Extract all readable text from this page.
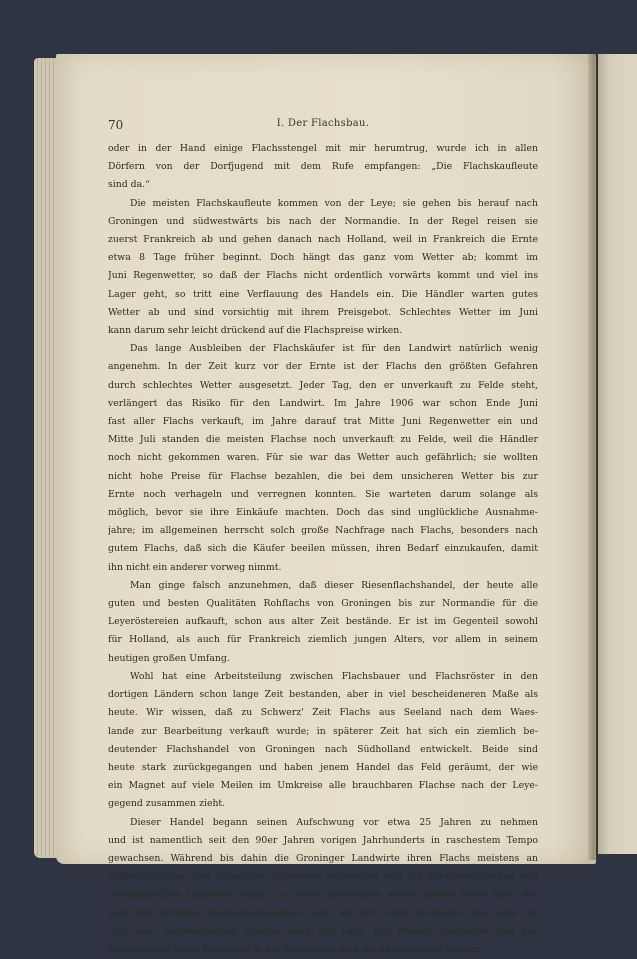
70	I. Der Flachsbau.

oder in der Hand einige Flachsstengel mit mir herumtrug, wurde ich in allen
Dörfern von der Dorfjugend mit dem Rufe empfangen: „Die Flachskaufleute
sind da.“

Die meisten Flachskaufleute kommen von der Leye; sie gehen bis herauf nach
Groningen und südwestwärts bis nach der Normandie. In der Regel reisen sie
zuerst Frankreich ab und gehen danach nach Holland, weil in Frankreich die Ernte
etwa 8 Tage früher beginnt. Doch hängt das ganz vom Wetter ab; kommt im
Juni Regenwetter, so daß der Flachs nicht ordentlich vorwärts kommt und viel ins
Lager geht, so tritt eine Verflauung des Handels ein. Die Händler warten gutes
Wetter ab und sind vorsichtig mit ihrem Preisgebot. Schlechtes Wetter im Juni
kann darum sehr leicht drückend auf die Flachspreise wirken.

Das lange Ausbleiben der Flachskäufer ist für den Landwirt natürlich wenig
angenehm. In der Zeit kurz vor der Ernte ist der Flachs den größten Gefahren
durch schlechtes Wetter ausgesetzt. Jeder Tag, den er unverkauft zu Felde steht,
verlängert das Risiko für den Landwirt. Im Jahre 1906 war schon Ende Juni
fast aller Flachs verkauft, im Jahre darauf trat Mitte Juni Regenwetter ein und
Mitte Juli standen die meisten Flachse noch unverkauft zu Felde, weil die Händler
noch nicht gekommen waren. Für sie war das Wetter auch gefährlich; sie wollten
nicht hohe Preise für Flachse bezahlen, die bei dem unsicheren Wetter bis zur
Ernte noch verhageln und verregnen konnten. Sie warteten darum solange als
möglich, bevor sie ihre Einkäufe machten. Doch das sind unglückliche Ausnahme-
jahre; im allgemeinen herrscht solch große Nachfrage nach Flachs, besonders nach
gutem Flachs, daß sich die Käufer beeilen müssen, ihren Bedarf einzukaufen, damit
ihn nicht ein anderer vorweg nimmt.

Man ginge falsch anzunehmen, daß dieser Riesenflachshandel, der heute alle
guten und besten Qualitäten Rohflachs von Groningen bis zur Normandie für die
Leyeröstereien aufkauft, schon aus alter Zeit bestände. Er ist im Gegenteil sowohl
für Holland, als auch für Frankreich ziemlich jungen Alters, vor allem in seinem
heutigen großen Umfang.

Wohl hat eine Arbeitsteilung zwischen Flachsbauer und Flachsröster in den
dortigen Ländern schon lange Zeit bestanden, aber in viel bescheideneren Maße als
heute. Wir wissen, daß zu Schwerz' Zeit Flachs aus Seeland nach dem Waes-
lande zur Bearbeitung verkauft wurde; in späterer Zeit hat sich ein ziemlich be-
deutender Flachshandel von Groningen nach Südholland entwickelt. Beide sind
heute stark zurückgegangen und haben jenem Handel das Feld geräumt, der wie
ein Magnet auf viele Meilen im Umkreise alle brauchbaren Flachse nach der Leye-
gegend zusammen zieht.

Dieser Handel begann seinen Aufschwung vor etwa 25 Jahren zu nehmen
und ist namentlich seit den 90er Jahren vorigen Jahrhunderts in raschestem Tempo
gewachsen. Während bis dahin die Groninger Landwirte ihren Flachs meistens an
südholländische oder Groninger Röstereien verkauften und die nordfranzösischen und
normannischen Landwirte selbst zu rösten gezwungen waren, gehen heute nach An-
gabe der dortigen Flachsinteressenten mehr als 9/10 aller Groninger und mehr als
7/10 aller normannischen Flachse nach der Leye. Die Provinz Groningen und das
Departement Seine Inférieure in der Normandie sind die entferntesten Bezugs-
